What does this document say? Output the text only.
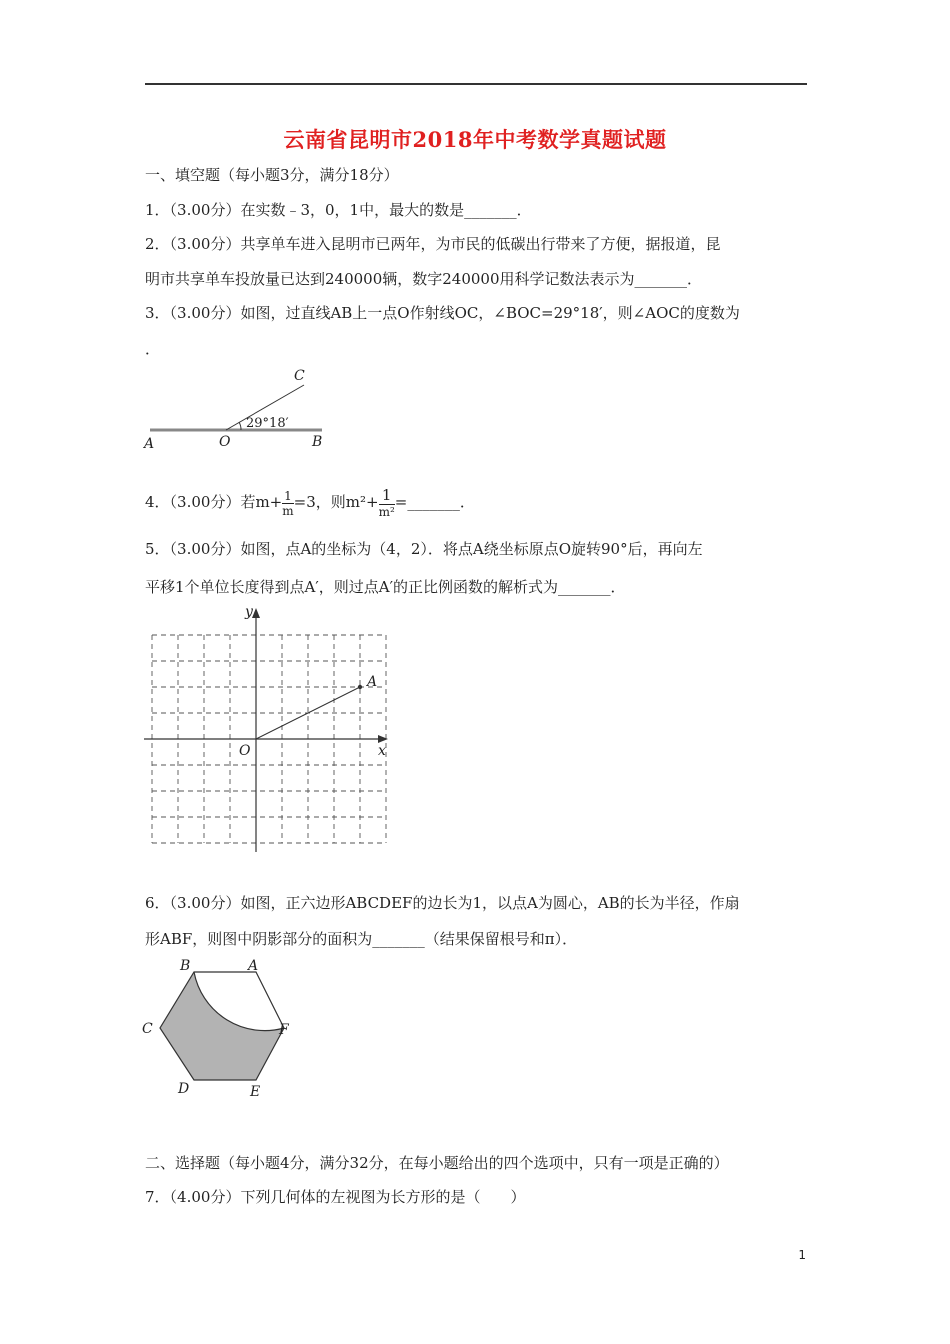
云南省昆明市2018年中考数学真题试题
一、填空题（每小题3分，满分18分）
1．（3.00分）在实数﹣3，0，1中，最大的数是_______．
2．（3.00分）共享单车进入昆明市已两年，为市民的低碳出行带来了方便，据报道，昆
明市共享单车投放量已达到240000辆，数字240000用科学记数法表示为_______．
3．（3.00分）如图，过直线AB上一点O作射线OC，∠BOC=29°18′，则∠AOC的度数为
．
A	O	B
C
29°18′
4．（3.00分）若$m+ \frac{1}{m} =3$，则$m^2+ \frac{1}{\text{m²}}$ =_______．
5．（3.00分）如图，点A的坐标为（4，2）．将点A绕坐标原点O旋转90°后，再向左
平移1个单位长度得到点A′，则过点A′的正比例函数的解析式为_______．
y
x
O
A
6．（3.00分）如图，正六边形ABCDEF的边长为1，以点A为圆心，AB的长为半径，作扇
形ABF，则图中阴影部分的面积为_______（结果保留根号和π）．
B	A
C	F
D	E
二、选择题（每小题4分，满分32分，在每小题给出的四个选项中，只有一项是正确的）
7．（4.00分）下列几何体的左视图为长方形的是（　　）
1
